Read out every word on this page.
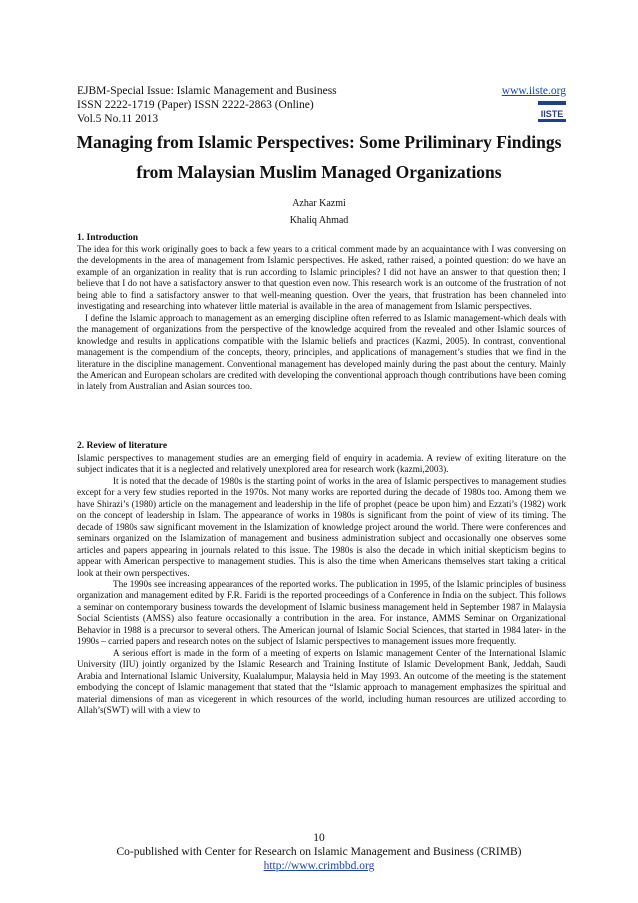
EJBM-Special Issue: Islamic Management and Business	www.iiste.org
ISSN 2222-1719 (Paper) ISSN 2222-2863 (Online)
Vol.5 No.11 2013	IISTE
Managing from Islamic Perspectives: Some Priliminary Findings
from Malaysian Muslim Managed Organizations
Azhar Kazmi
Khaliq Ahmad
1. Introduction

The idea for this work originally goes to back a few years to a critical comment made by an acquaintance with I was conversing on the developments in the area of management from Islamic perspectives. He asked, rather raised, a pointed question: do we have an example of an organization in reality that is run according to Islamic principles? I did not have an answer to that question then; I believe that I do not have a satisfactory answer to that question even now. This research work is an outcome of the frustration of not being able to find a satisfactory answer to that well-meaning question. Over the years, that frustration has been channeled into investigating and researching into whatever little material is available in the area of management from Islamic perspectives.

I define the Islamic approach to management as an emerging discipline often referred to as Islamic management-which deals with the management of organizations from the perspective of the knowledge acquired from the revealed and other Islamic sources of knowledge and results in applications compatible with the Islamic beliefs and practices (Kazmi, 2005). In contrast, conventional management is the compendium of the concepts, theory, principles, and applications of management’s studies that we find in the literature in the discipline management. Conventional management has developed mainly during the past about the century. Mainly the American and European scholars are credited with developing the conventional approach though contributions have been coming in lately from Australian and Asian sources too.

2. Review of literature

Islamic perspectives to management studies are an emerging field of enquiry in academia. A review of exiting literature on the subject indicates that it is a neglected and relatively unexplored area for research work (kazmi,2003).

It is noted that the decade of 1980s is the starting point of works in the area of Islamic perspectives to management studies except for a very few studies reported in the 1970s. Not many works are reported during the decade of 1980s too. Among them we have Shirazi’s (1980) article on the management and leadership in the life of prophet (peace be upon him) and Ezzati’s (1982) work on the concept of leadership in Islam. The appearance of works in 1980s is significant from the point of view of its timing. The decade of 1980s saw significant movement in the Islamization of knowledge project around the world. There were conferences and seminars organized on the Islamization of management and business administration subject and occasionally one observes some articles and papers appearing in journals related to this issue. The 1980s is also the decade in which initial skepticism begins to appear with American perspective to management studies. This is also the time when Americans themselves start taking a critical look at their own perspectives.

The 1990s see increasing appearances of the reported works. The publication in 1995, of the Islamic principles of business organization and management edited by F.R. Faridi is the reported proceedings of a Conference in India on the subject. This follows a seminar on contemporary business towards the development of Islamic business management held in September 1987 in Malaysia Social Scientists (AMSS) also feature occasionally a contribution in the area. For instance, AMMS Seminar on Organizational Behavior in 1988 is a precursor to several others. The American journal of Islamic Social Sciences, that started in 1984 later- in the 1990s – carried papers and research notes on the subject of Islamic perspectives to management issues more frequently.

A serious effort is made in the form of a meeting of experts on Islamic management Center of the International Islamic University (IIU) jointly organized by the Islamic Research and Training Institute of Islamic Development Bank, Jeddah, Saudi Arabia and International Islamic University, Kualalumpur, Malaysia held in May 1993. An outcome of the meeting is the statement embodying the concept of Islamic management that stated that the “Islamic approach to management emphasizes the spiritual and material dimensions of man as vicegerent in which resources of the world, including human resources are utilized according to Allah’s(SWT) will with a view to

10
Co-published with Center for Research on Islamic Management and Business (CRIMB)
http://www.crimbbd.org
